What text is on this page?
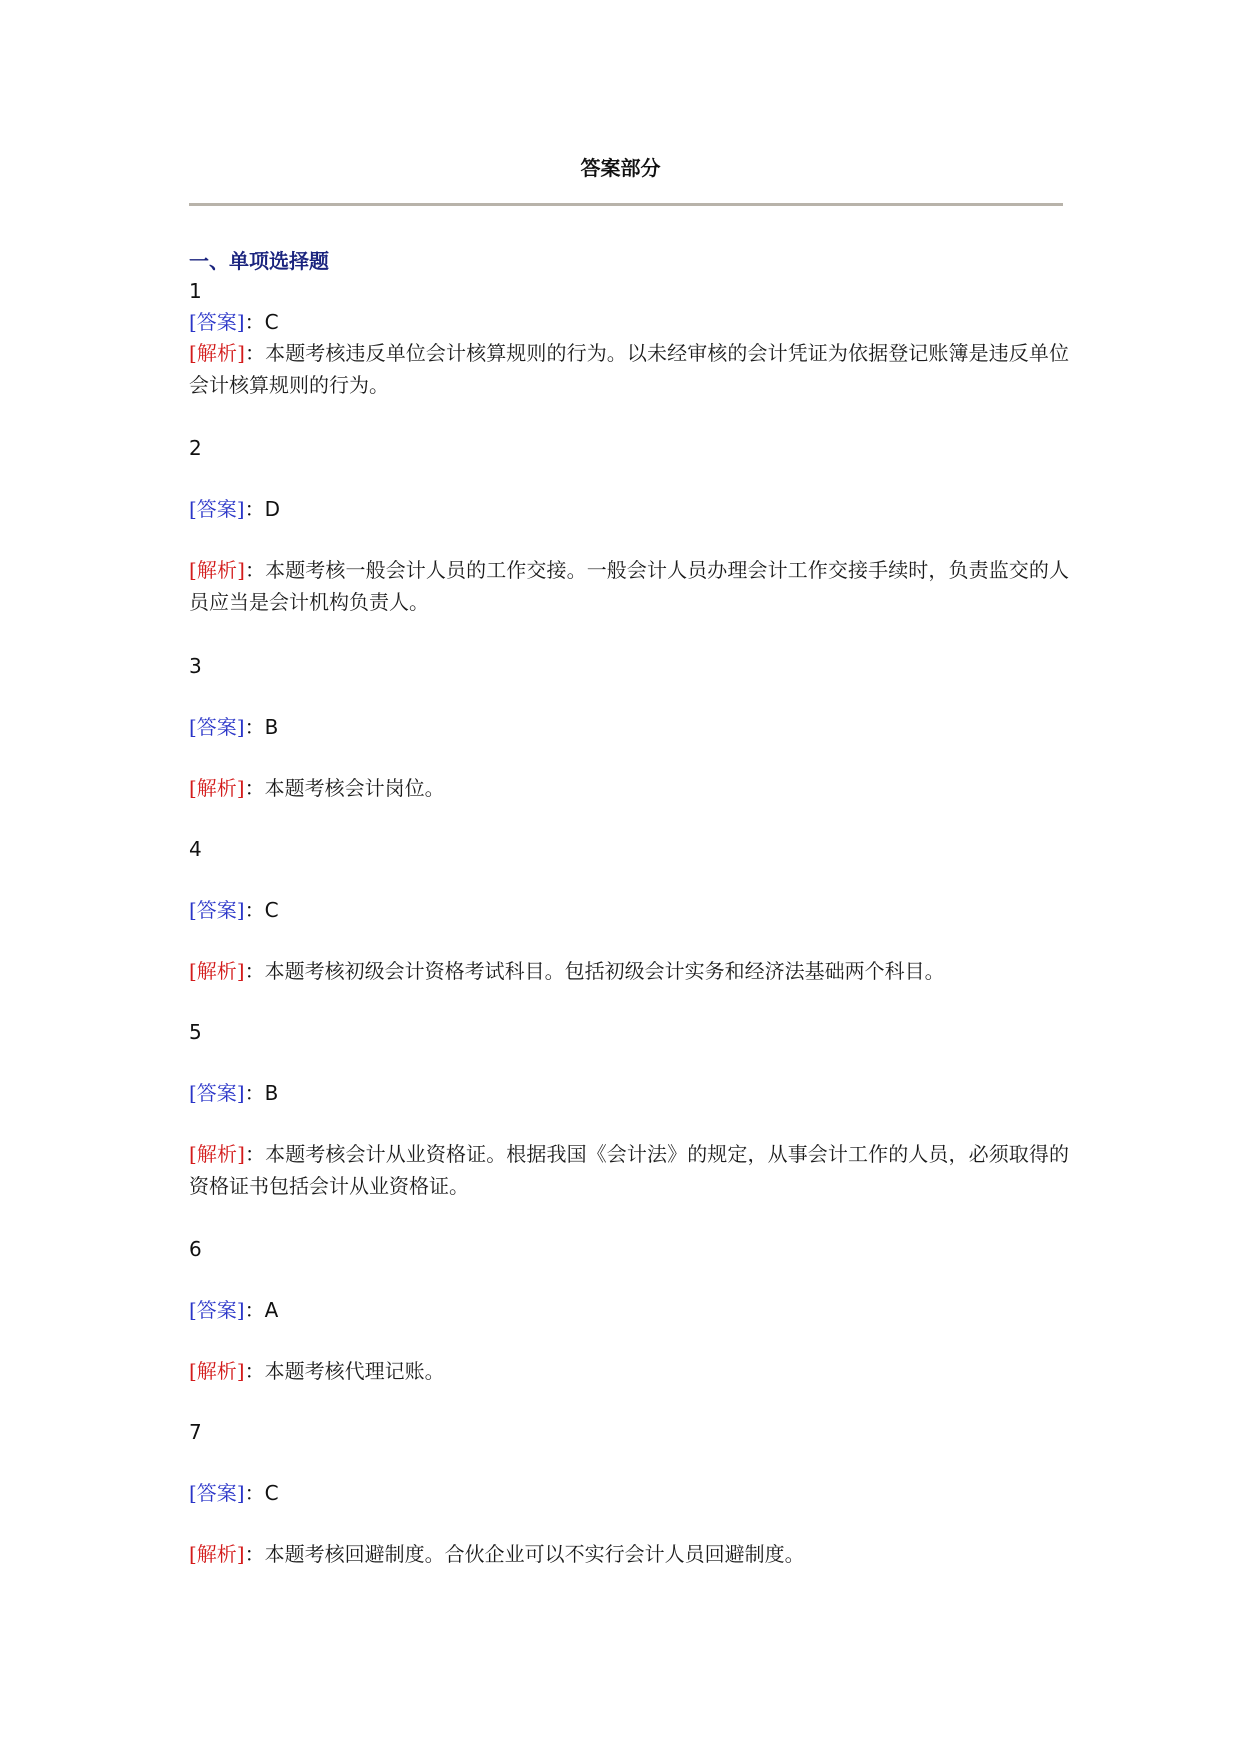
答案部分
一、单项选择题
1
[答案]：C
[解析]：本题考核违反单位会计核算规则的行为。以未经审核的会计凭证为依据登记账簿是违反单位会计核算规则的行为。
2
[答案]：D
[解析]：本题考核一般会计人员的工作交接。一般会计人员办理会计工作交接手续时，负责监交的人员应当是会计机构负责人。
3
[答案]：B
[解析]：本题考核会计岗位。
4
[答案]：C
[解析]：本题考核初级会计资格考试科目。包括初级会计实务和经济法基础两个科目。
5
[答案]：B
[解析]：本题考核会计从业资格证。根据我国《会计法》的规定，从事会计工作的人员，必须取得的资格证书包括会计从业资格证。
6
[答案]：A
[解析]：本题考核代理记账。
7
[答案]：C
[解析]：本题考核回避制度。合伙企业可以不实行会计人员回避制度。
